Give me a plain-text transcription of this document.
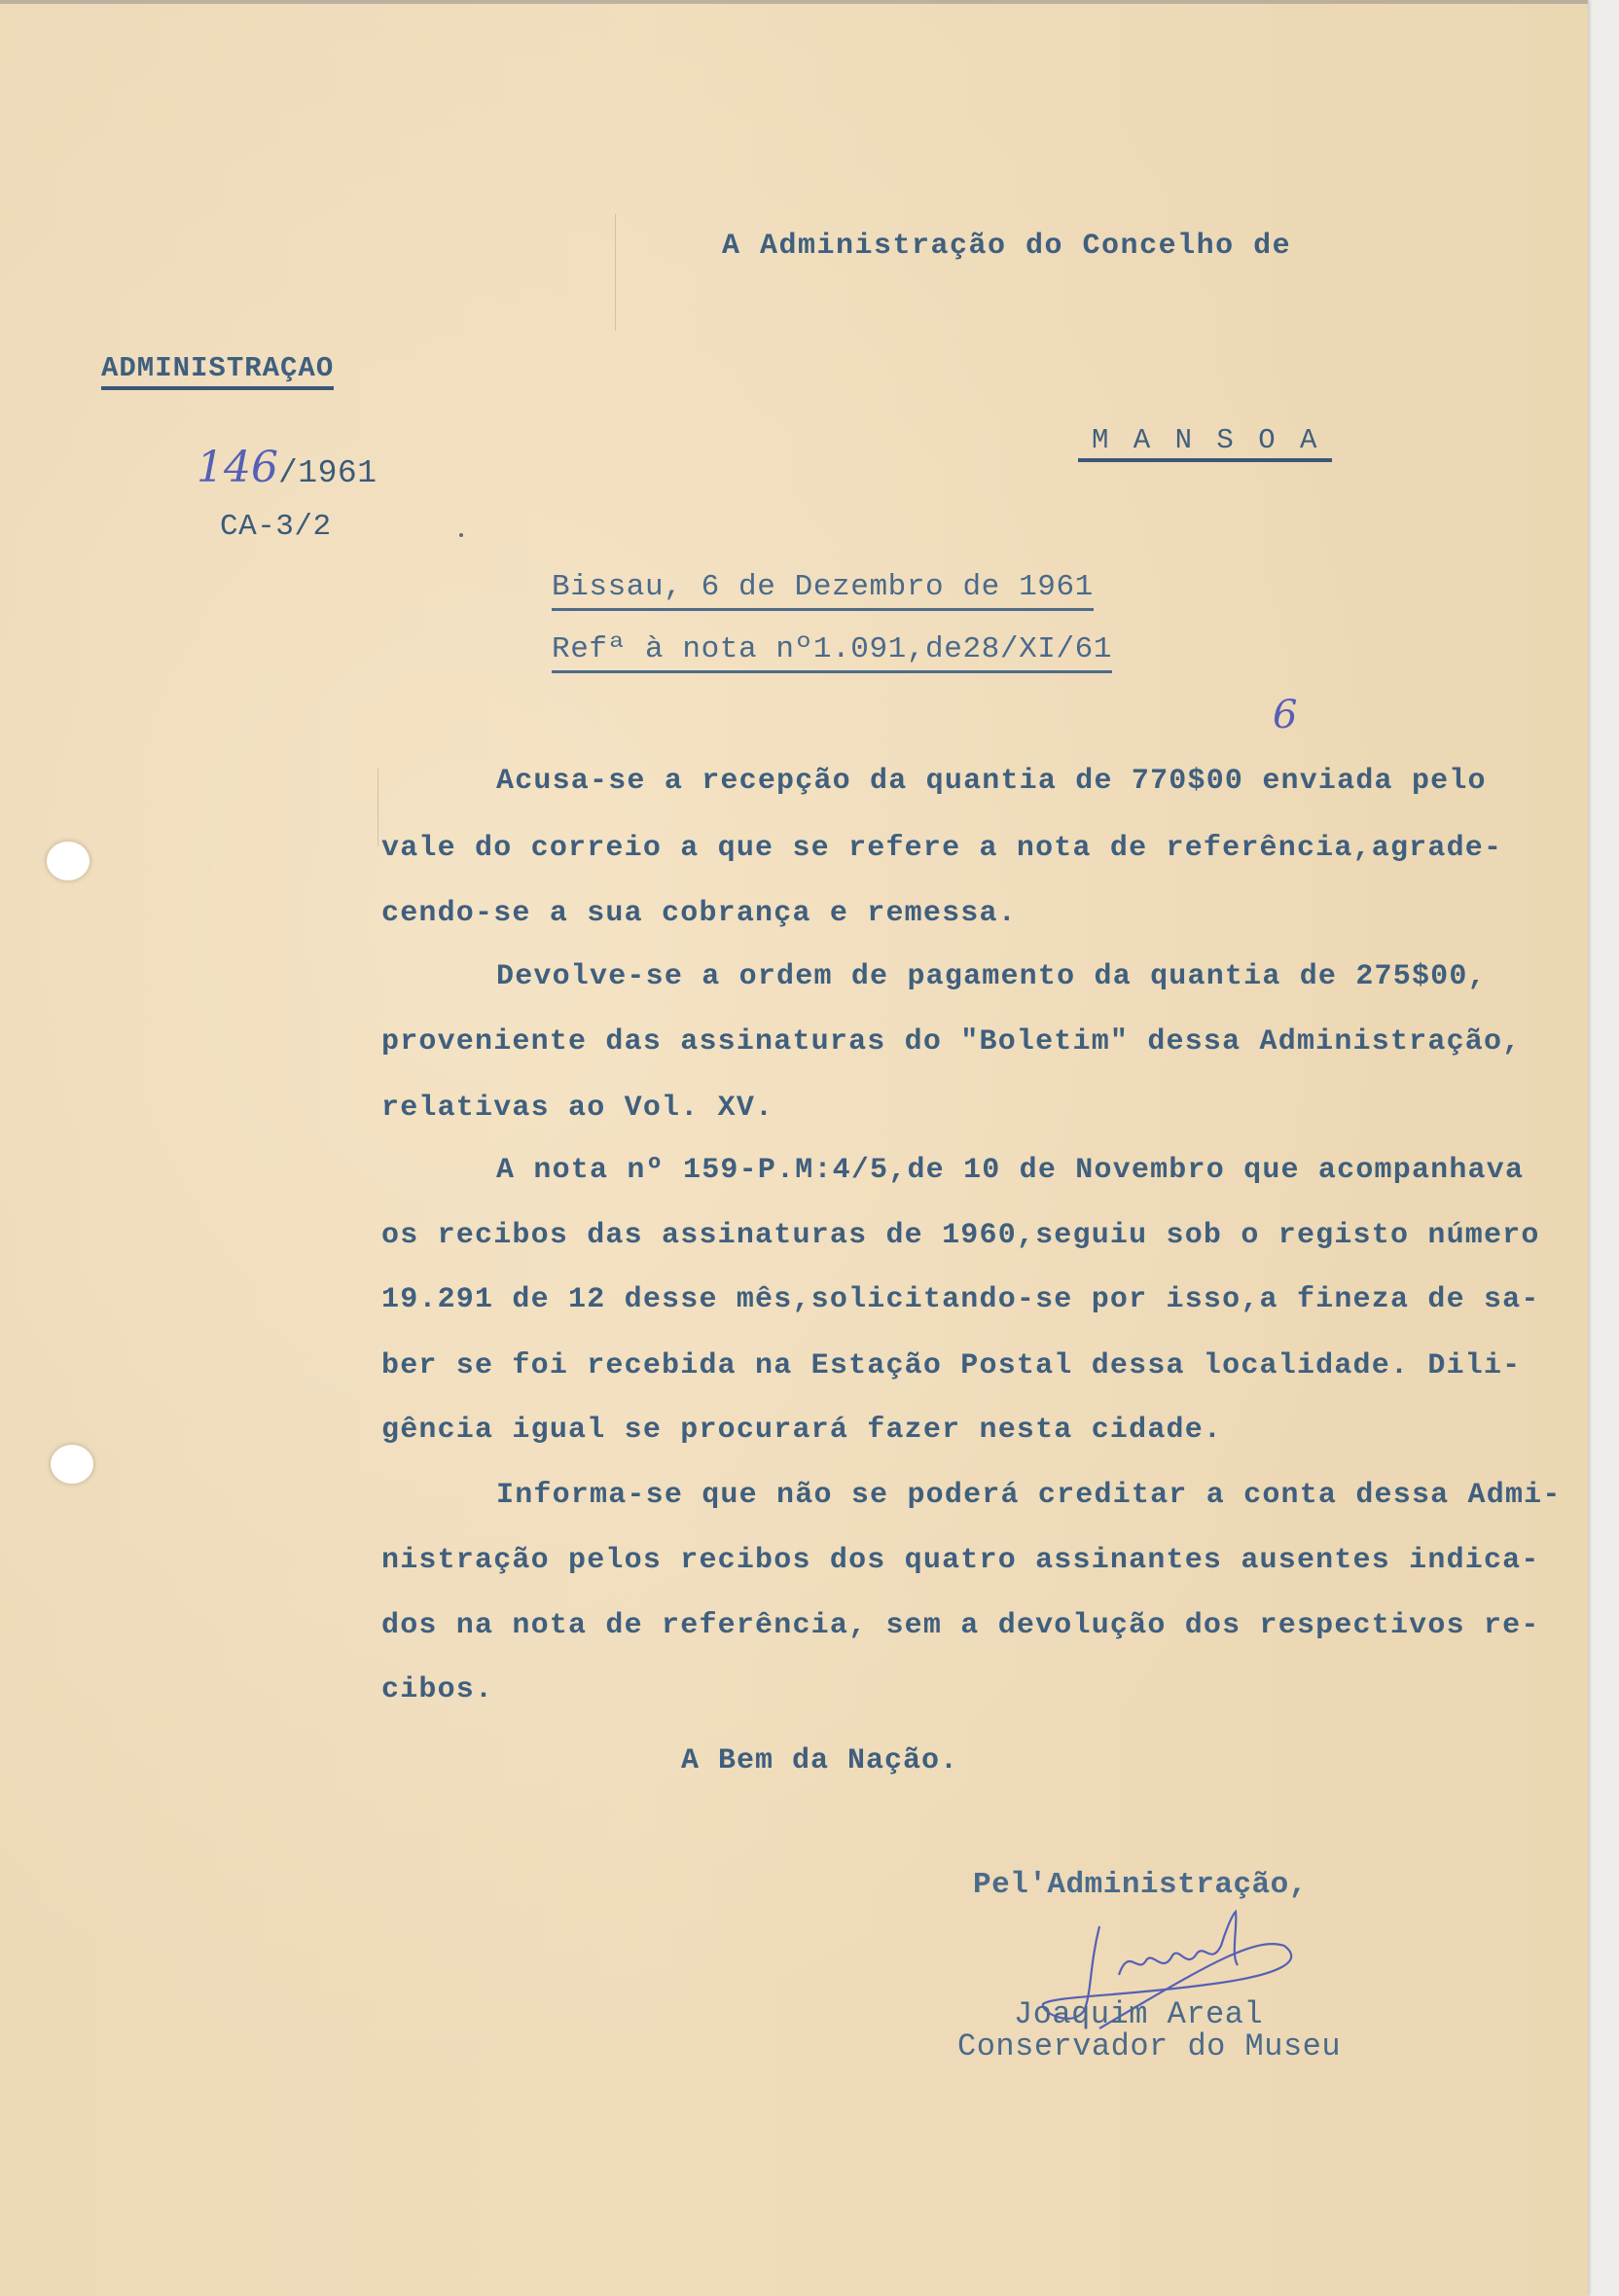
A Administração do Concelho de
ADMINISTRAÇAO
146/1961
CA-3/2
M A N S O A
Bissau, 6 de Dezembro de 1961
Refª à nota nº1.091,de28/XI/61
6
Acusa-se a recepção da quantia de 770$00 enviada pelo
vale do correio a que se refere a nota de referência,agrade-
cendo-se a sua cobrança e remessa.
Devolve-se a ordem de pagamento da quantia de 275$00,
proveniente das assinaturas do "Boletim" dessa Administração,
relativas ao Vol. XV.
A nota nº 159-P.M:4/5,de 10 de Novembro que acompanhava
os recibos das assinaturas de 1960,seguiu sob o registo número
19.291 de 12 desse mês,solicitando-se por isso,a fineza de sa-
ber se foi recebida na Estação Postal dessa localidade. Dili-
gência igual se procurará fazer nesta cidade.
Informa-se que não se poderá creditar a conta dessa Admi-
nistração pelos recibos dos quatro assinantes ausentes indica-
dos na nota de referência, sem a devolução dos respectivos re-
cibos.
A Bem da Nação.
Pel'Administração,
JAreal
Joaquim Areal
Conservador do Museu
